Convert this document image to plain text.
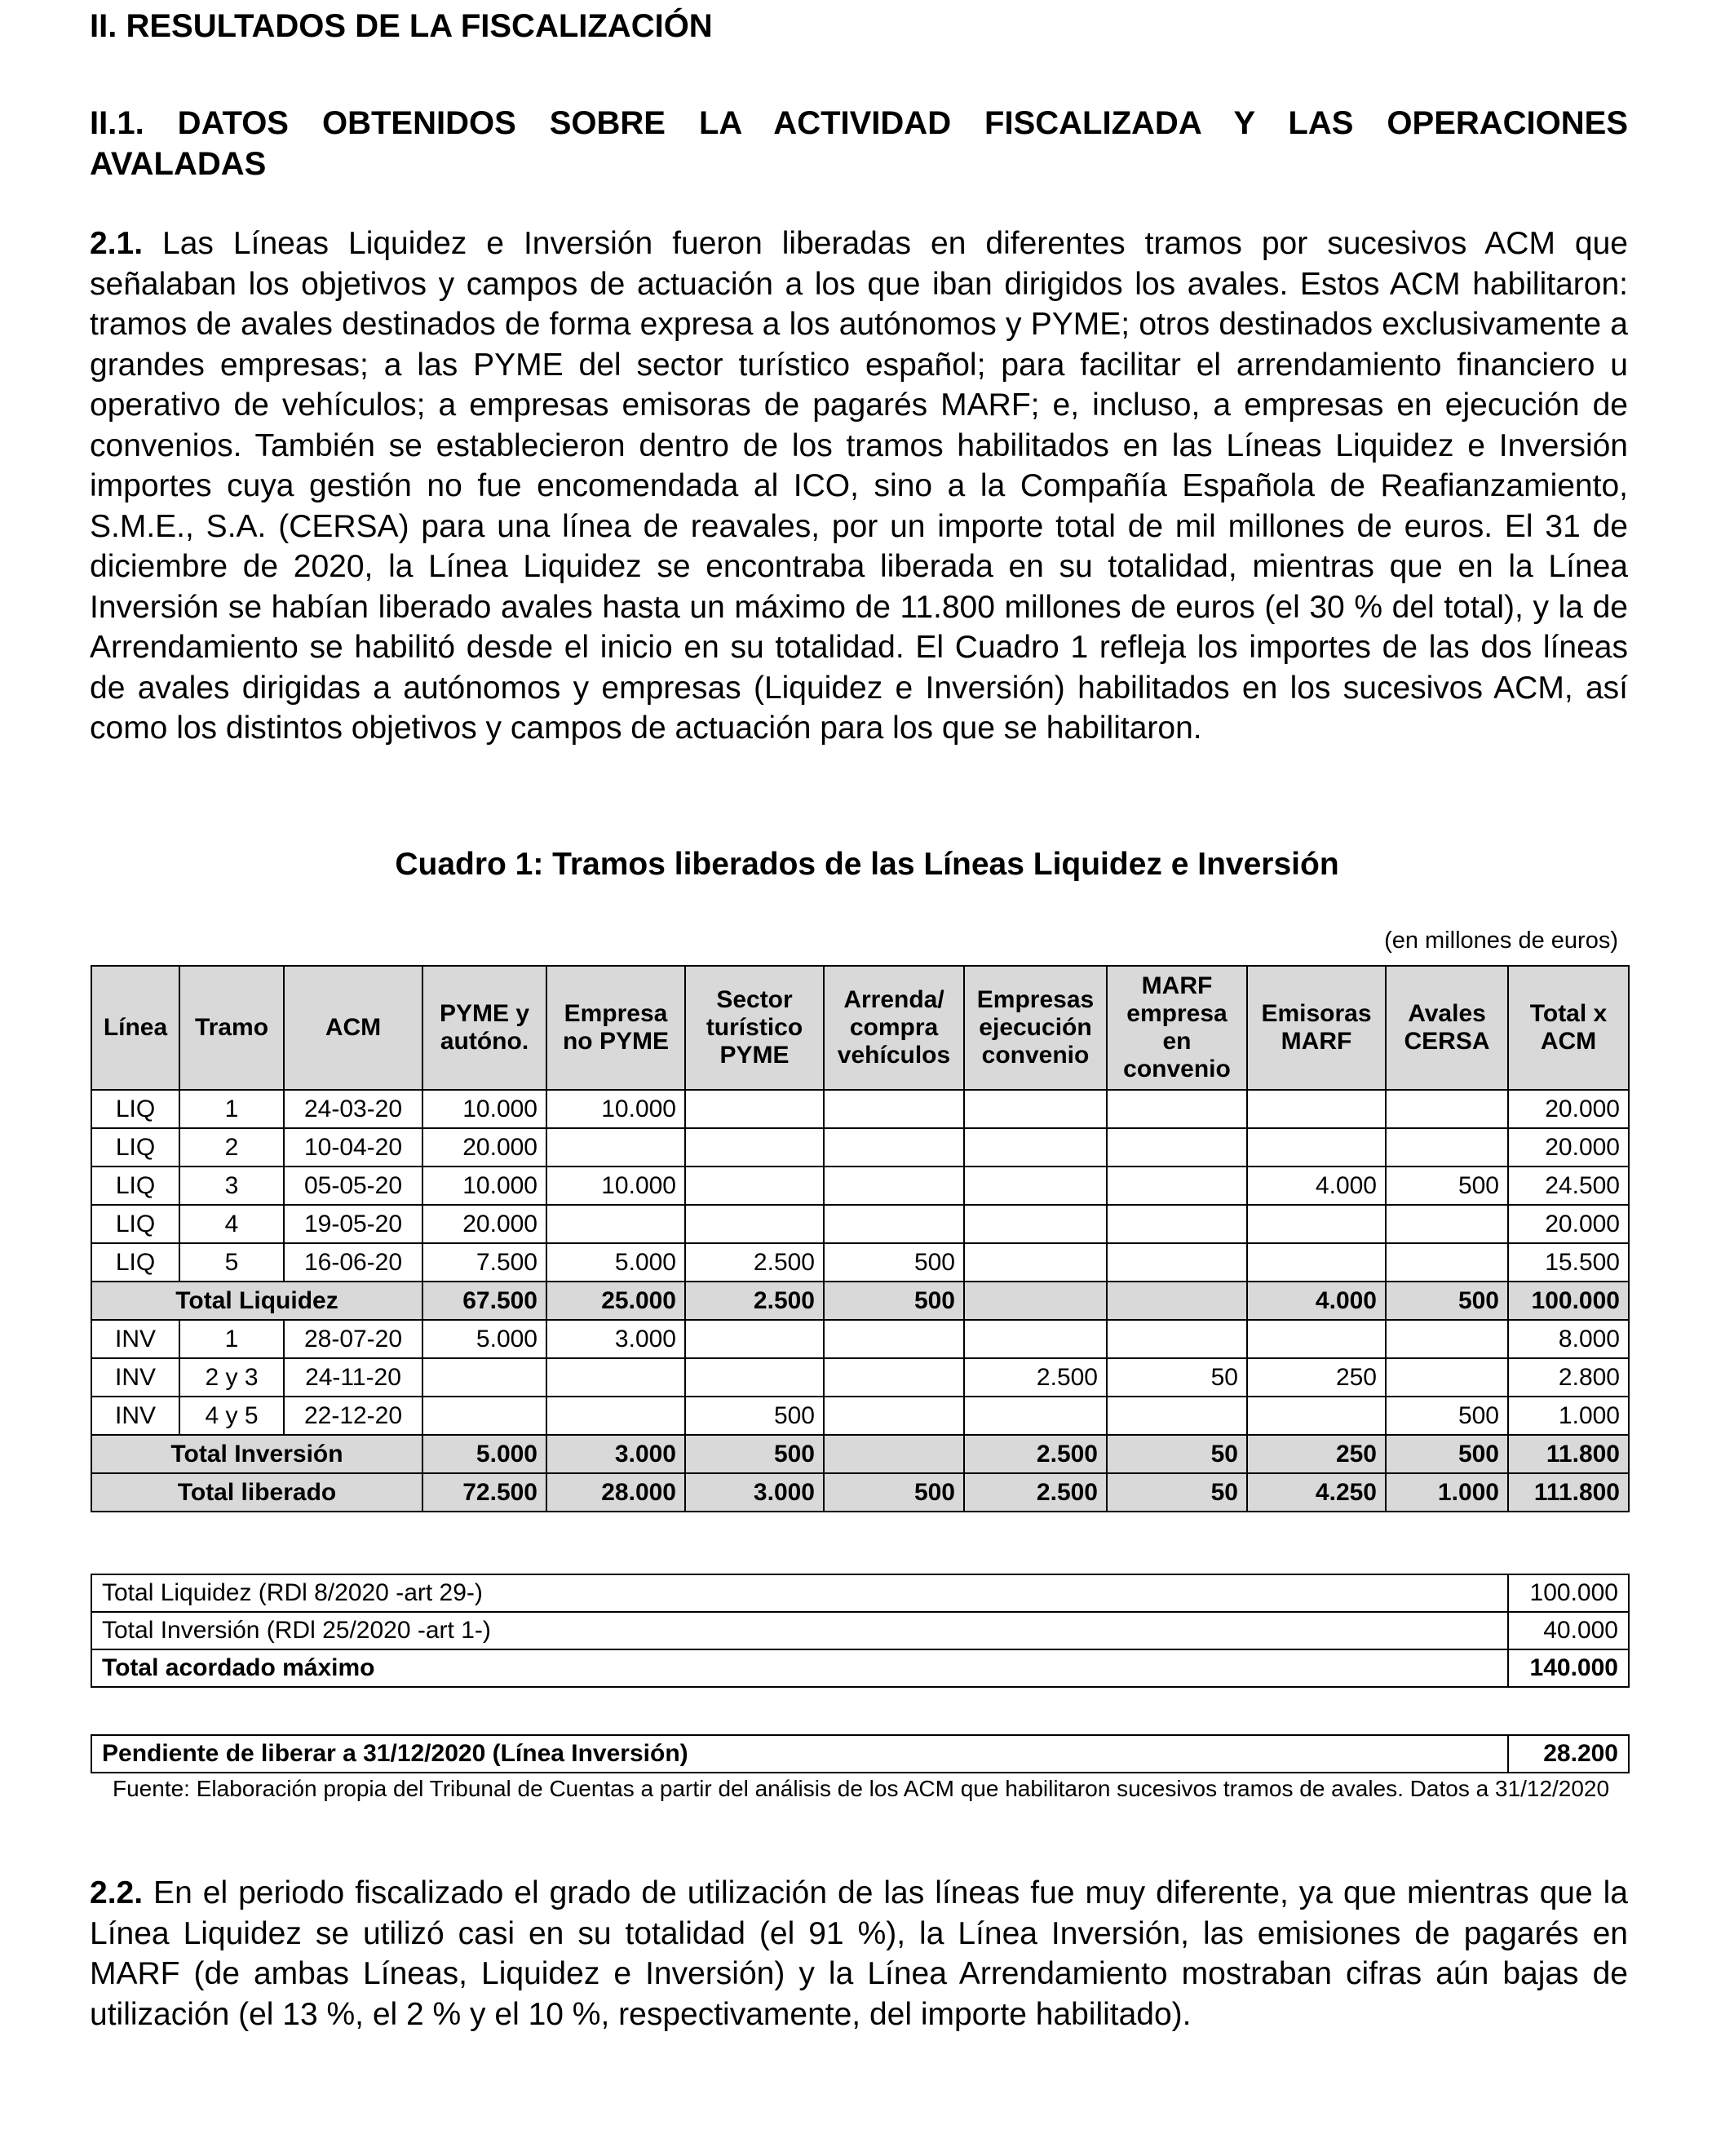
II. RESULTADOS DE LA FISCALIZACIÓN
II.1. DATOS OBTENIDOS SOBRE LA ACTIVIDAD FISCALIZADA Y LAS OPERACIONES AVALADAS
2.1. Las Líneas Liquidez e Inversión fueron liberadas en diferentes tramos por sucesivos ACM que señalaban los objetivos y campos de actuación a los que iban dirigidos los avales. Estos ACM habilitaron: tramos de avales destinados de forma expresa a los autónomos y PYME; otros destinados exclusivamente a grandes empresas; a las PYME del sector turístico español; para facilitar el arrendamiento financiero u operativo de vehículos; a empresas emisoras de pagarés MARF; e, incluso, a empresas en ejecución de convenios. También se establecieron dentro de los tramos habilitados en las Líneas Liquidez e Inversión importes cuya gestión no fue encomendada al ICO, sino a la Compañía Española de Reafianzamiento, S.M.E., S.A. (CERSA) para una línea de reavales, por un importe total de mil millones de euros. El 31 de diciembre de 2020, la Línea Liquidez se encontraba liberada en su totalidad, mientras que en la Línea Inversión se habían liberado avales hasta un máximo de 11.800 millones de euros (el 30 % del total), y la de Arrendamiento se habilitó desde el inicio en su totalidad. El Cuadro 1 refleja los importes de las dos líneas de avales dirigidas a autónomos y empresas (Liquidez e Inversión) habilitados en los sucesivos ACM, así como los distintos objetivos y campos de actuación para los que se habilitaron.
Cuadro 1: Tramos liberados de las Líneas Liquidez e Inversión
(en millones de euros)
Línea	Tramo	ACM	PYME y autóno.	Empresa no PYME	Sector turístico PYME	Arrenda/ compra vehículos	Empresas ejecución convenio	MARF empresa en convenio	Emisoras MARF	Avales CERSA	Total x ACM
LIQ	1	24-03-20	10.000	10.000							20.000
LIQ	2	10-04-20	20.000								20.000
LIQ	3	05-05-20	10.000	10.000					4.000	500	24.500
LIQ	4	19-05-20	20.000								20.000
LIQ	5	16-06-20	7.500	5.000	2.500	500					15.500
Total Liquidez			67.500	25.000	2.500	500			4.000	500	100.000
INV	1	28-07-20	5.000	3.000							8.000
INV	2 y 3	24-11-20					2.500	50	250		2.800
INV	4 y 5	22-12-20			500					500	1.000
Total Inversión			5.000	3.000	500		2.500	50	250	500	11.800
Total liberado			72.500	28.000	3.000	500	2.500	50	4.250	1.000	111.800
Total Liquidez (RDl 8/2020 -art 29-)	100.000
Total Inversión (RDl 25/2020 -art 1-)	40.000
Total acordado máximo	140.000
Pendiente de liberar a 31/12/2020 (Línea Inversión)	28.200
Fuente: Elaboración propia del Tribunal de Cuentas a partir del análisis de los ACM que habilitaron sucesivos tramos de avales. Datos a 31/12/2020
2.2. En el periodo fiscalizado el grado de utilización de las líneas fue muy diferente, ya que mientras que la Línea Liquidez se utilizó casi en su totalidad (el 91 %), la Línea Inversión, las emisiones de pagarés en MARF (de ambas Líneas, Liquidez e Inversión) y la Línea Arrendamiento mostraban cifras aún bajas de utilización (el 13 %, el 2 % y el 10 %, respectivamente, del importe habilitado).
